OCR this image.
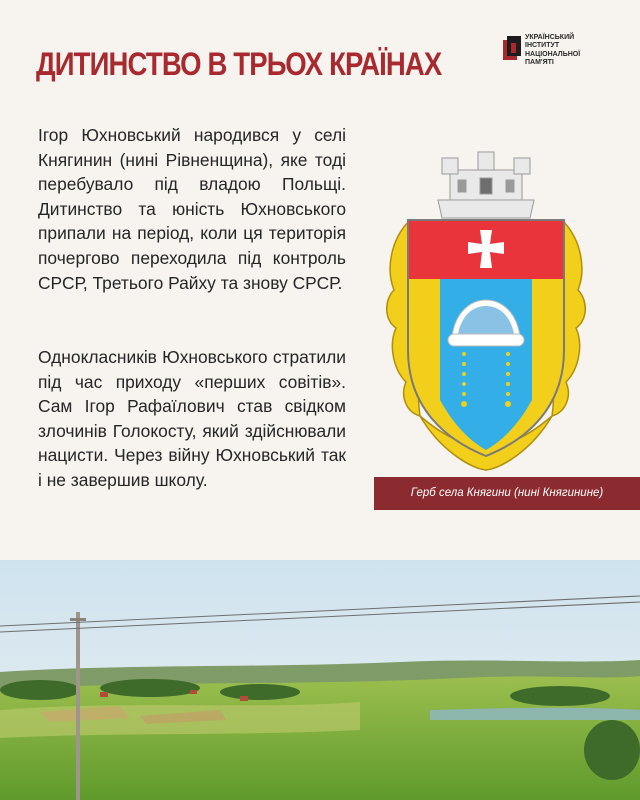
ДИТИНСТВО В ТРЬОХ КРАЇНАХ
УКРАЇНСЬКИЙ
ІНСТИТУТ
НАЦІОНАЛЬНОЇ
ПАМ'ЯТІ
Ігор Юхновський народився у селі Княгинин (нині Рівненщина), яке тоді перебувало під владою Польщі. Дитинство та юність Юхновського припали на період, коли ця територія почергово переходила під контроль СРСР, Третього Райху та знову СРСР.
Однокласників Юхновського стратили під час приходу «перших совітів». Сам Ігор Рафаїлович став свідком злочинів Голокосту, який здійснювали нацисти. Через війну Юхновський так і не завершив школу.
Герб села Княгини (нині Княгинине)
